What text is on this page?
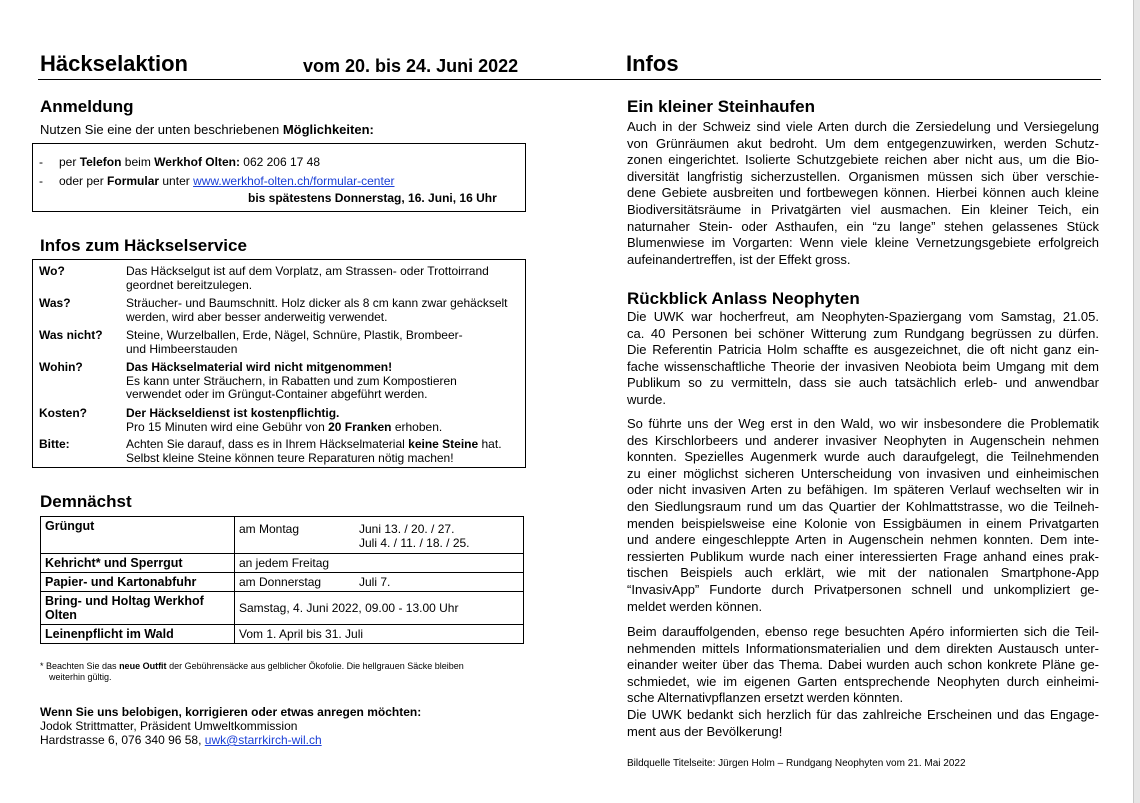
Häckselaktion	vom 20. bis 24. Juni 2022	Infos
Anmeldung
Nutzen Sie eine der unten beschriebenen Möglichkeiten:
- per Telefon beim Werkhof Olten: 062 206 17 48
- oder per Formular unter www.werkhof-olten.ch/formular-center
bis spätestens Donnerstag, 16. Juni, 16 Uhr
Infos zum Häckselservice
Wo?	Das Häckselgut ist auf dem Vorplatz, am Strassen- oder Trottoirrand
geordnet bereitzulegen.
Was?	Sträucher- und Baumschnitt. Holz dicker als 8 cm kann zwar gehäckselt
werden, wird aber besser anderweitig verwendet.
Was nicht?	Steine, Wurzelballen, Erde, Nägel, Schnüre, Plastik, Brombeer-
und Himbeerstauden
Wohin?	Das Häckselmaterial wird nicht mitgenommen!
Es kann unter Sträuchern, in Rabatten und zum Kompostieren
verwendet oder im Grüngut-Container abgeführt werden.
Kosten?	Der Häckseldienst ist kostenpflichtig.
Pro 15 Minuten wird eine Gebühr von 20 Franken erhoben.
Bitte:	Achten Sie darauf, dass es in Ihrem Häckselmaterial keine Steine hat.
Selbst kleine Steine können teure Reparaturen nötig machen!
Demnächst
Grüngut	am Montag Juni 13. / 20. / 27.
Juli 4. / 11. / 18. / 25.

Kehricht* und Sperrgut	an jedem Freitag
Papier- und Kartonabfuhr	am Donnerstag Juli 7.

Bring- und Holtag Werkhof Olten	Samstag, 4. Juni 2022, 09.00 - 13.00 Uhr
Leinenpflicht im Wald	Vom 1. April bis 31. Juli
* Beachten Sie das neue Outfit der Gebührensäcke aus gelblicher Ökofolie. Die hellgrauen Säcke bleiben
weiterhin gültig.
Wenn Sie uns belobigen, korrigieren oder etwas anregen möchten:
Jodok Strittmatter, Präsident Umweltkommission
Hardstrasse 6, 076 340 96 58, uwk@starrkirch-wil.ch
Ein kleiner Steinhaufen

Auch in der Schweiz sind viele Arten durch die Zersiedelung und Versiegelung

von Grünräumen akut bedroht. Um dem entgegenzuwirken, werden Schutz-

zonen eingerichtet. Isolierte Schutzgebiete reichen aber nicht aus, um die Bio-

diversität langfristig sicherzustellen. Organismen müssen sich über verschie-

dene Gebiete ausbreiten und fortbewegen können. Hierbei können auch kleine

Biodiversitätsräume in Privatgärten viel ausmachen. Ein kleiner Teich, ein

naturnaher Stein- oder Asthaufen, ein “zu lange” stehen gelassenes Stück

Blumenwiese im Vorgarten: Wenn viele kleine Vernetzungsgebiete erfolgreich

aufeinandertreffen, ist der Effekt gross.

Rückblick Anlass Neophyten

Die UWK war hocherfreut, am Neophyten-Spaziergang vom Samstag, 21.05.

ca. 40 Personen bei schöner Witterung zum Rundgang begrüssen zu dürfen.

Die Referentin Patricia Holm schaffte es ausgezeichnet, die oft nicht ganz ein-

fache wissenschaftliche Theorie der invasiven Neobiota beim Umgang mit dem

Publikum so zu vermitteln, dass sie auch tatsächlich erleb- und anwendbar

wurde.

So führte uns der Weg erst in den Wald, wo wir insbesondere die Problematik

des Kirschlorbeers und anderer invasiver Neophyten in Augenschein nehmen

konnten. Spezielles Augenmerk wurde auch daraufgelegt, die Teilnehmenden

zu einer möglichst sicheren Unterscheidung von invasiven und einheimischen

oder nicht invasiven Arten zu befähigen. Im späteren Verlauf wechselten wir in

den Siedlungsraum rund um das Quartier der Kohlmattstrasse, wo die Teilneh-

menden beispielsweise eine Kolonie von Essigbäumen in einem Privatgarten

und andere eingeschleppte Arten in Augenschein nehmen konnten. Dem inte-

ressierten Publikum wurde nach einer interessierten Frage anhand eines prak-

tischen Beispiels auch erklärt, wie mit der nationalen Smartphone-App

“InvasivApp” Fundorte durch Privatpersonen schnell und unkompliziert ge-

meldet werden können.

Beim darauffolgenden, ebenso rege besuchten Apéro informierten sich die Teil-

nehmenden mittels Informationsmaterialien und dem direkten Austausch unter-

einander weiter über das Thema. Dabei wurden auch schon konkrete Pläne ge-

schmiedet, wie im eigenen Garten entsprechende Neophyten durch einheimi-

sche Alternativpflanzen ersetzt werden könnten.

Die UWK bedankt sich herzlich für das zahlreiche Erscheinen und das Engage-

ment aus der Bevölkerung!

Bildquelle Titelseite: Jürgen Holm – Rundgang Neophyten vom 21. Mai 2022
